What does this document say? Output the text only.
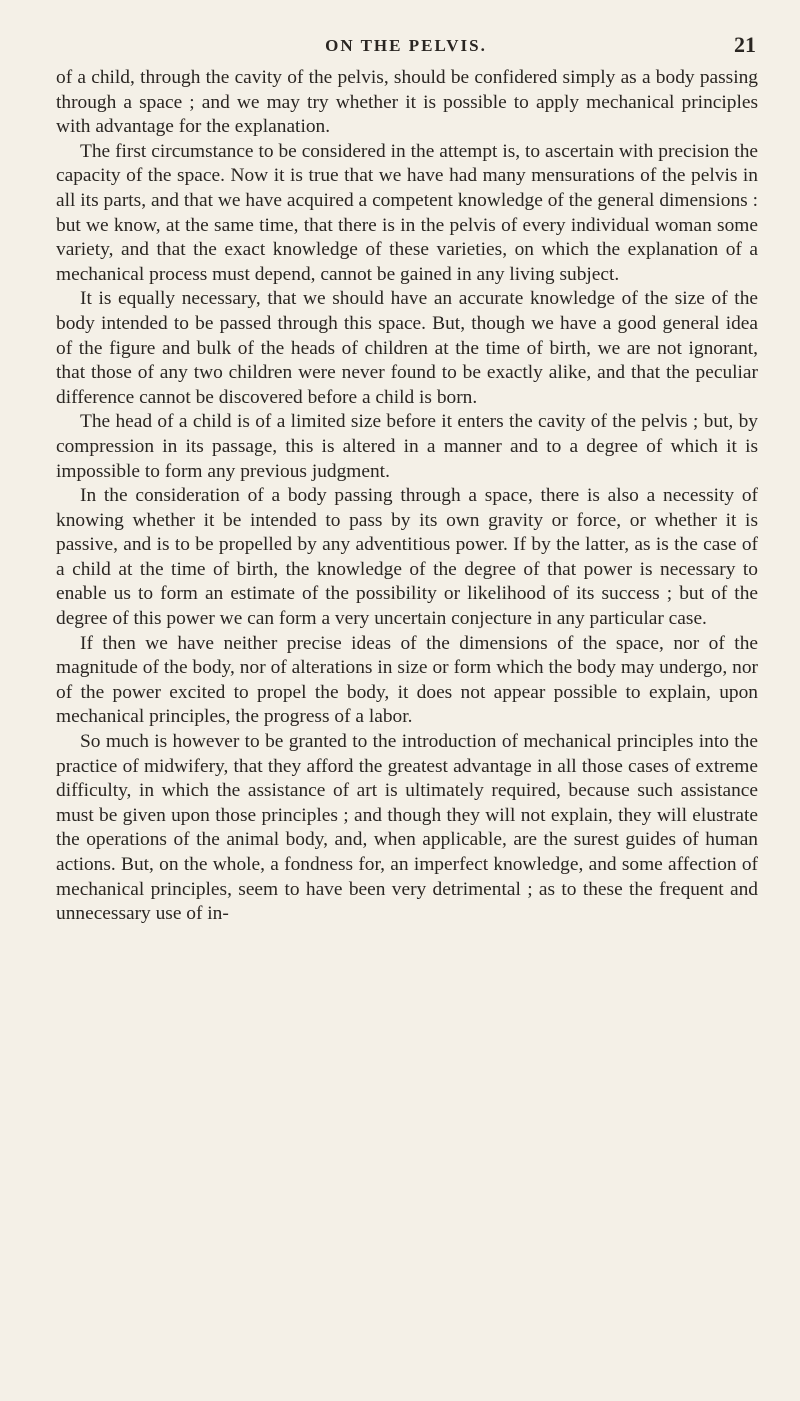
ON THE PELVIS.	21

of a child, through the cavity of the pelvis, should be confidered simply as a body passing through a space ; and we may try whether it is possible to apply mechanical principles with advantage for the explanation.

The first circumstance to be considered in the attempt is, to ascertain with precision the capacity of the space. Now it is true that we have had many mensurations of the pelvis in all its parts, and that we have acquired a competent knowledge of the general dimensions : but we know, at the same time, that there is in the pelvis of every individual woman some variety, and that the exact knowledge of these varieties, on which the explanation of a mechanical process must depend, cannot be gained in any living subject.

It is equally necessary, that we should have an accurate knowledge of the size of the body intended to be passed through this space. But, though we have a good general idea of the figure and bulk of the heads of children at the time of birth, we are not ignorant, that those of any two children were never found to be exactly alike, and that the peculiar difference cannot be discovered before a child is born.

The head of a child is of a limited size before it enters the cavity of the pelvis ; but, by compression in its passage, this is altered in a manner and to a degree of which it is impossible to form any previous judgment.

In the consideration of a body passing through a space, there is also a necessity of knowing whether it be intended to pass by its own gravity or force, or whether it is passive, and is to be propelled by any adventitious power. If by the latter, as is the case of a child at the time of birth, the knowledge of the degree of that power is necessary to enable us to form an estimate of the possibility or likelihood of its success ; but of the degree of this power we can form a very uncertain conjecture in any particular case.

If then we have neither precise ideas of the dimensions of the space, nor of the magnitude of the body, nor of alterations in size or form which the body may undergo, nor of the power excited to propel the body, it does not appear possible to explain, upon mechanical principles, the progress of a labor.

So much is however to be granted to the introduction of mechanical principles into the practice of midwifery, that they afford the greatest advantage in all those cases of extreme difficulty, in which the assistance of art is ultimately required, because such assistance must be given upon those principles ; and though they will not explain, they will elustrate the operations of the animal body, and, when applicable, are the surest guides of human actions. But, on the whole, a fondness for, an imperfect knowledge, and some affection of mechanical principles, seem to have been very detrimental ; as to these the frequent and unnecessary use of in-
